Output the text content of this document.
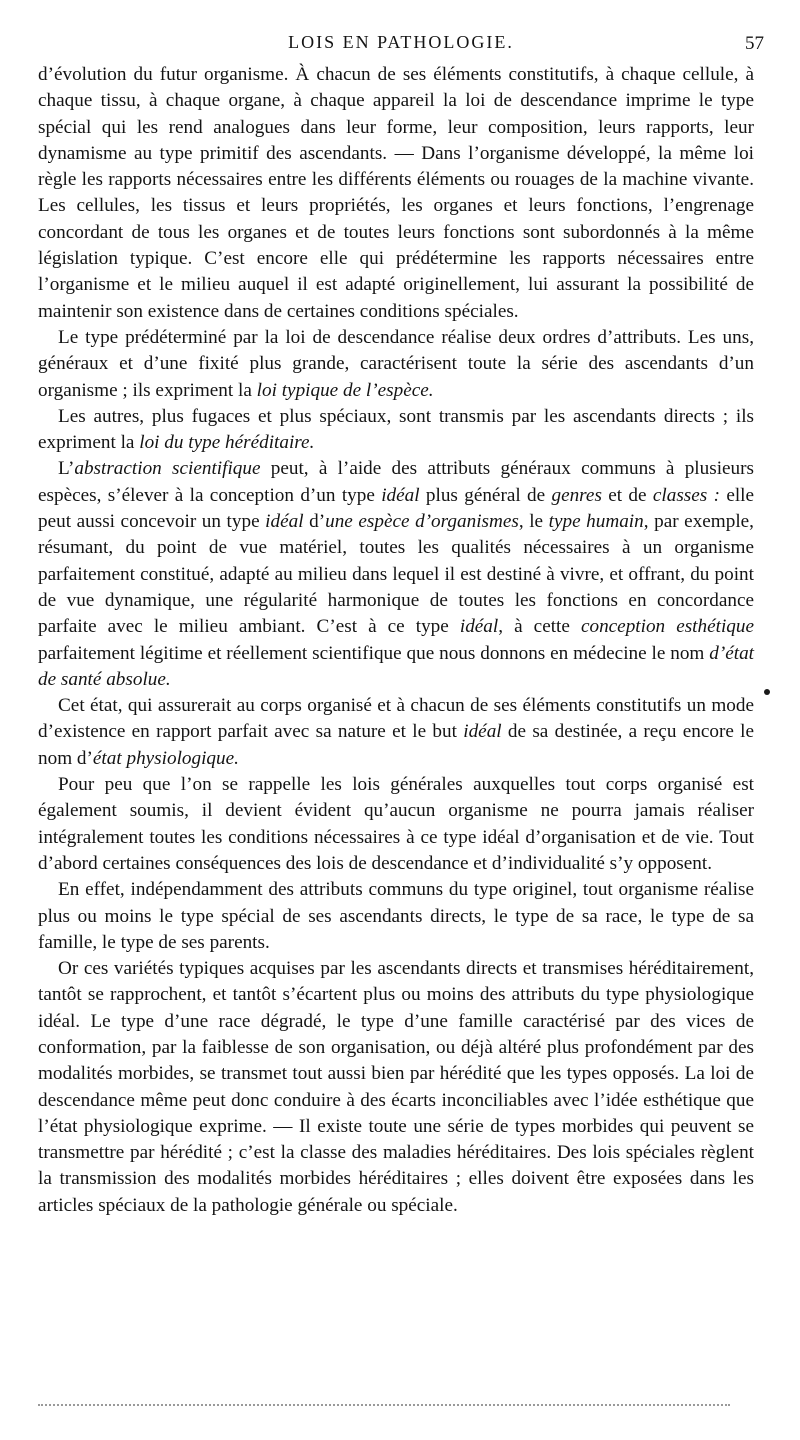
LOIS EN PATHOLOGIE.	57

d’évolution du futur organisme. À chacun de ses éléments constitutifs, à chaque cellule, à chaque tissu, à chaque organe, à chaque appareil la loi de descendance imprime le type spécial qui les rend analogues dans leur forme, leur composition, leurs rapports, leur dynamisme au type primitif des ascendants. — Dans l’organisme développé, la même loi règle les rapports nécessaires entre les différents éléments ou rouages de la machine vivante. Les cellules, les tissus et leurs propriétés, les organes et leurs fonctions, l’engrenage concordant de tous les organes et de toutes leurs fonctions sont subordonnés à la même législation typique. C’est encore elle qui prédétermine les rapports nécessaires entre l’organisme et le milieu auquel il est adapté originellement, lui assurant la possibilité de maintenir son existence dans de certaines conditions spéciales.

Le type prédéterminé par la loi de descendance réalise deux ordres d’attributs. Les uns, généraux et d’une fixité plus grande, caractérisent toute la série des ascendants d’un organisme ; ils expriment la loi typique de l’espèce.

Les autres, plus fugaces et plus spéciaux, sont transmis par les ascendants directs ; ils expriment la loi du type héréditaire.

L’abstraction scientifique peut, à l’aide des attributs généraux communs à plusieurs espèces, s’élever à la conception d’un type idéal plus général de genres et de classes : elle peut aussi concevoir un type idéal d’une espèce d’organismes, le type humain, par exemple, résumant, du point de vue matériel, toutes les qualités nécessaires à un organisme parfaitement constitué, adapté au milieu dans lequel il est destiné à vivre, et offrant, du point de vue dynamique, une régularité harmonique de toutes les fonctions en concordance parfaite avec le milieu ambiant. C’est à ce type idéal, à cette conception esthétique parfaitement légitime et réellement scientifique que nous donnons en médecine le nom d’état de santé absolue.

Cet état, qui assurerait au corps organisé et à chacun de ses éléments constitutifs un mode d’existence en rapport parfait avec sa nature et le but idéal de sa destinée, a reçu encore le nom d’état physiologique.

Pour peu que l’on se rappelle les lois générales auxquelles tout corps organisé est également soumis, il devient évident qu’aucun organisme ne pourra jamais réaliser intégralement toutes les conditions nécessaires à ce type idéal d’organisation et de vie. Tout d’abord certaines conséquences des lois de descendance et d’individualité s’y opposent.

En effet, indépendamment des attributs communs du type originel, tout organisme réalise plus ou moins le type spécial de ses ascendants directs, le type de sa race, le type de sa famille, le type de ses parents.

Or ces variétés typiques acquises par les ascendants directs et transmises héréditairement, tantôt se rapprochent, et tantôt s’écartent plus ou moins des attributs du type physiologique idéal. Le type d’une race dégradé, le type d’une famille caractérisé par des vices de conformation, par la faiblesse de son organisation, ou déjà altéré plus profondément par des modalités morbides, se transmet tout aussi bien par hérédité que les types opposés. La loi de descendance même peut donc conduire à des écarts inconciliables avec l’idée esthétique que l’état physiologique exprime. — Il existe toute une série de types morbides qui peuvent se transmettre par hérédité ; c’est la classe des maladies héréditaires. Des lois spéciales règlent la transmission des modalités morbides héréditaires ; elles doivent être exposées dans les articles spéciaux de la pathologie générale ou spéciale.
